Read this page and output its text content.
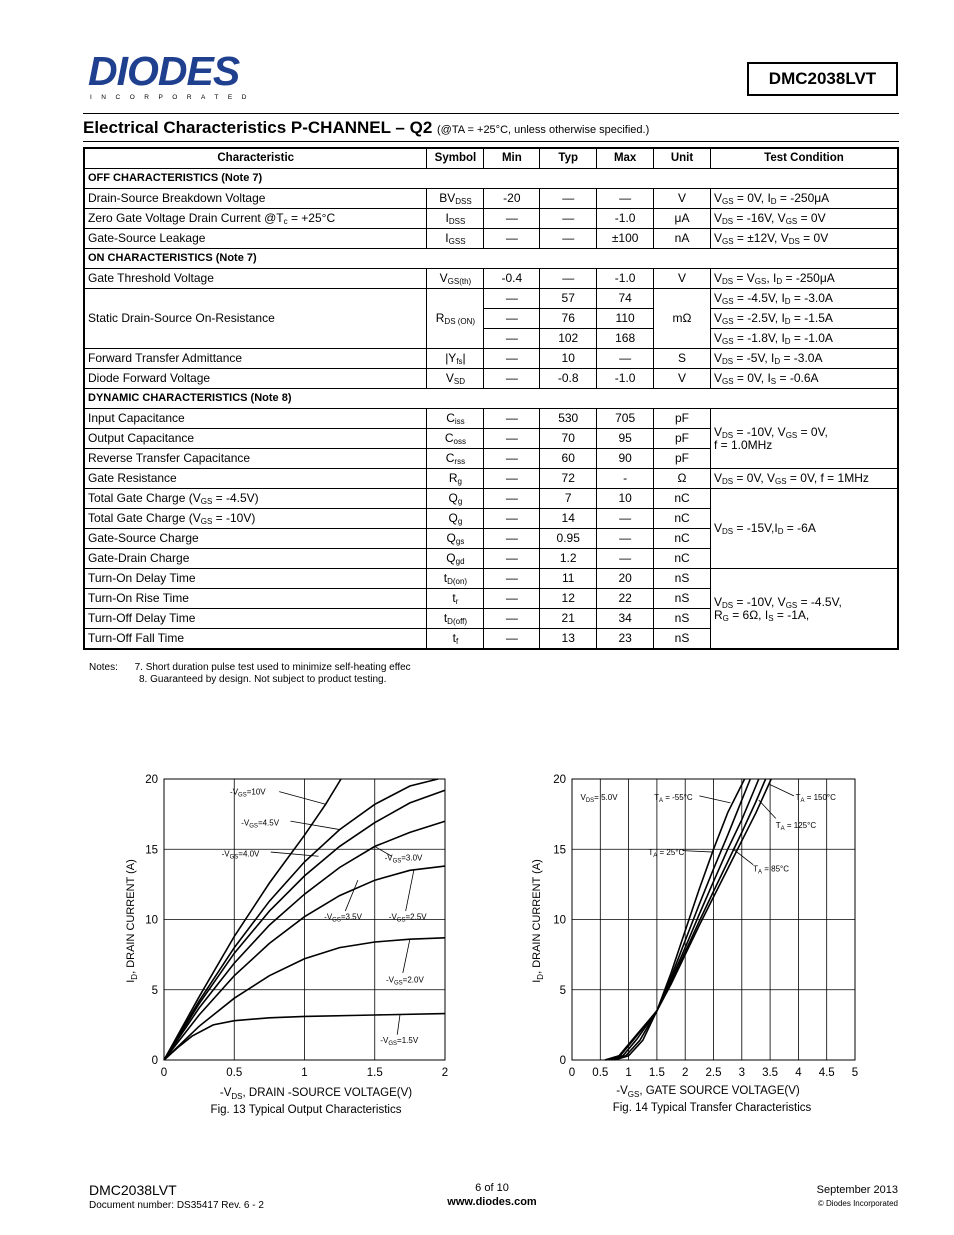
DIODES
INCORPORATED
DMC2038LVT
Electrical Characteristics P-CHANNEL – Q2 (@TA = +25°C, unless otherwise specified.)
Characteristic	Symbol	Min	Typ	Max	Unit	Test Condition
OFF CHARACTERISTICS (Note 7)						
Drain-Source Breakdown Voltage	$BV_{DSS}$	-20	—	—	V	$V_{GS} = 0V$, $I_D = -250\mu A$
Zero Gate Voltage Drain Current $@T_c = +25^\circ C$	$I_{DSS}$	—	—	-1.0	μA	$V_{DS} = -16V$, $V_{GS} = 0V$
Gate-Source Leakage	$I_{GSS}$	—	—	±100	nA	$V_{GS} = \pm 12V$, $V_{DS} = 0V$
ON CHARACTERISTICS (Note 7)						
Gate Threshold Voltage	$V_{GS(th)}$	-0.4	—	-1.0	V	$V_{DS} = V_{GS}$, $I_D = -250\mu A$
Static Drain-Source On-Resistance	$R_{DS (ON)}$	—	57	74	mΩ	$V_{GS} = -4.5V$, $I_D = -3.0A$
		—	76	110		$V_{GS} = -2.5V$, $I_D = -1.5A$
		—	102	168		$V_{GS} = -1.8V$, $I_D = -1.0A$
Forward Transfer Admittance	$|Y_{fs}|$	—	10	—	S	$V_{DS} = -5V$, $I_D = -3.0A$
Diode Forward Voltage	$V_{SD}$	—	-0.8	-1.0	V	$V_{GS} = 0V$, $I_S = -0.6A$
DYNAMIC CHARACTERISTICS (Note 8)						
Input Capacitance	$C_{iss}$	—	530	705	pF	$V_{DS} = -10V$, $V_{GS} = 0V$,
f = 1.0MHz
Output Capacitance	$C_{oss}$	—	70	95	pF	
Reverse Transfer Capacitance	$C_{rss}$	—	60	90	pF	
Gate Resistance	$R_g$	—	72	-	Ω	$V_{DS} = 0V$, $V_{GS} = 0V$, f = 1MHz
Total Gate Charge $(V_{GS} = -4.5V)$	$Q_g$	—	7	10	nC	$V_{DS} = -15V,I_D = -6A$
Total Gate Charge $(V_{GS} = -10V)$	$Q_g$	—	14	—	nC	
Gate-Source Charge	$Q_{gs}$	—	0.95	—	nC	
Gate-Drain Charge	$Q_{gd}$	—	1.2	—	nC	
Turn-On Delay Time	$t_{D(on)}$	—	11	20	nS	$V_{DS} = -10V$, $V_{GS} = -4.5V$,
$R_G = 6\Omega$, $I_S = -1A$,
Turn-On Rise Time	$t_r$	—	12	22	nS	
Turn-Off Delay Time	$t_{D(off)}$	—	21	34	nS	
Turn-Off Fall Time	$t_f$	—	13	23	nS	
Notes: 7. Short duration pulse test used to minimize self-heating effec
8. Guaranteed by design. Not subject to product testing.
0	0.5	1	1.5	2
0
5
10
15
20
$-V_{GS}=10V$
$-V_{GS}=4.5V$
$-V_{GS}=4.0V$	$-V_{GS}=3.0V$
$-V_{GS}=3.5V$	$-V_{GS}=2.5V$
$-V_{GS}=2.0V$
$-V_{GS}=1.5V$
$-V_{DS}$, DRAIN -SOURCE VOLTAGE(V)
Fig. 13 Typical Output Characteristics
$I_D$, DRAIN CURRENT (A)
0 0.5 1 1.5 2 2.5 3 3.5 4 4.5 5
0
5
10
15
20
$V_{DS}= 5.0V$	$T_A = -55^\circ C$	$T_A = 150^\circ C$
$T_A = 125^\circ C$
$T_A = 25^\circ C$
$T_A = 85^\circ C$
$-V_{GS}$, GATE SOURCE VOLTAGE(V)
Fig. 14 Typical Transfer Characteristics
$I_D$, DRAIN CURRENT (A)
DMC2038LVT
Document number: DS35417 Rev. 6 - 2
6 of 10
www.diodes.com
September 2013
© Diodes Incorporated
